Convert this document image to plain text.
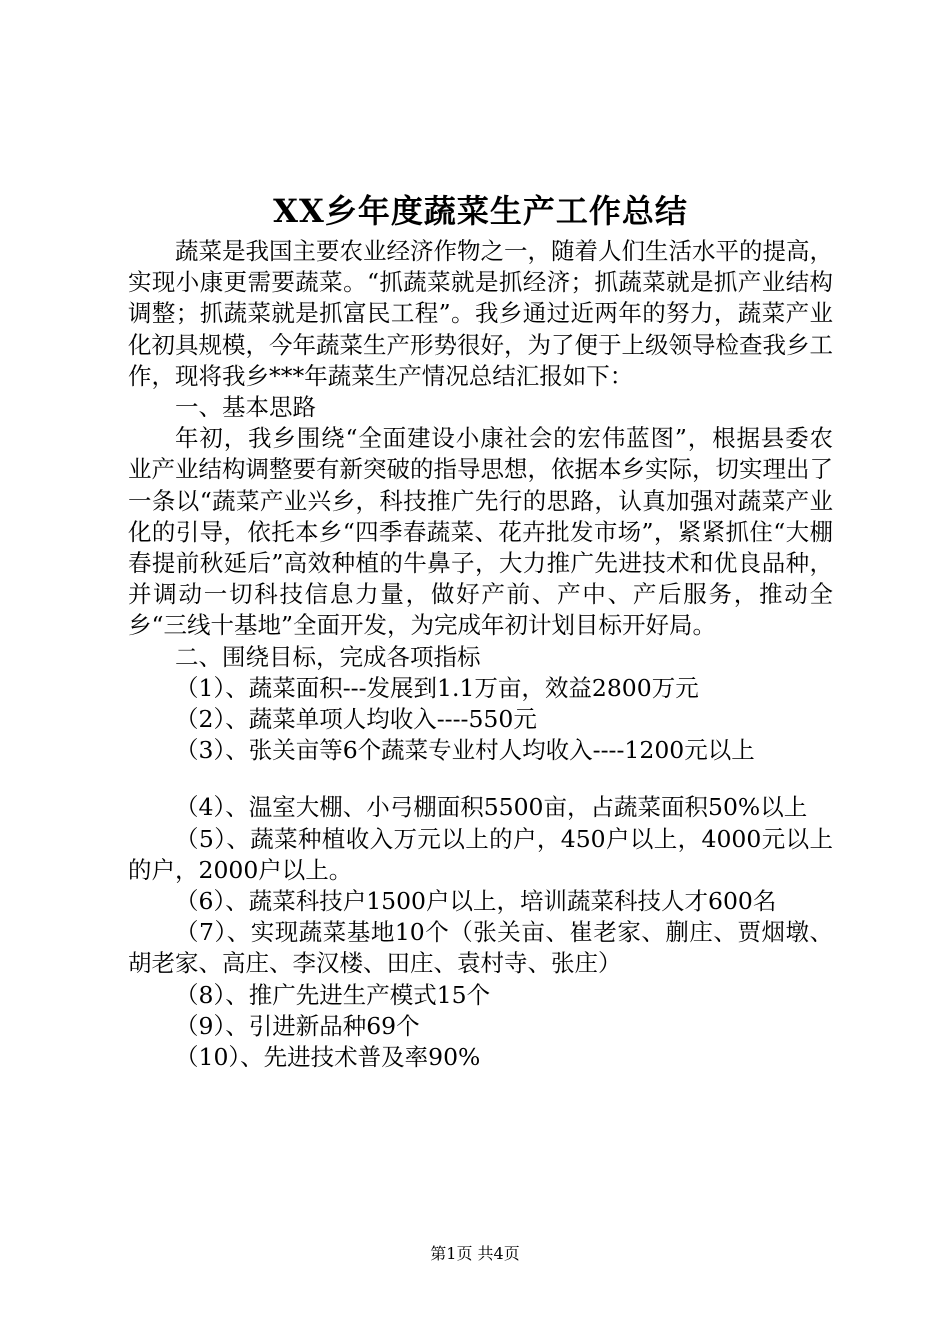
XX乡年度蔬菜生产工作总结

蔬菜是我国主要农业经济作物之一，随着人们生活水平的提高，实现小康更需要蔬菜。“抓蔬菜就是抓经济；抓蔬菜就是抓产业结构调整；抓蔬菜就是抓富民工程”。我乡通过近两年的努力，蔬菜产业化初具规模，今年蔬菜生产形势很好，为了便于上级领导检查我乡工作，现将我乡***年蔬菜生产情况总结汇报如下：

一、基本思路

年初，我乡围绕“全面建设小康社会的宏伟蓝图”，根据县委农业产业结构调整要有新突破的指导思想，依据本乡实际，切实理出了一条以“蔬菜产业兴乡，科技推广先行的思路，认真加强对蔬菜产业化的引导，依托本乡“四季春蔬菜、花卉批发市场”，紧紧抓住“大棚春提前秋延后”高效种植的牛鼻子，大力推广先进技术和优良品种，并调动一切科技信息力量，做好产前、产中、产后服务，推动全乡“三线十基地”全面开发，为完成年初计划目标开好局。

二、围绕目标，完成各项指标

（1）、蔬菜面积---发展到1.1万亩，效益2800万元

（2）、蔬菜单项人均收入----550元

（3）、张关亩等6个蔬菜专业村人均收入----1200元以上

（4）、温室大棚、小弓棚面积5500亩，占蔬菜面积50%以上

（5）、蔬菜种植收入万元以上的户，450户以上，4000元以上的户，2000户以上。

（6）、蔬菜科技户1500户以上，培训蔬菜科技人才600名

（7）、实现蔬菜基地10个（张关亩、崔老家、蒯庄、贾烟墩、胡老家、高庄、李汉楼、田庄、袁村寺、张庄）

（8）、推广先进生产模式15个

（9）、引进新品种69个

（10）、先进技术普及率90%

第1页 共4页
